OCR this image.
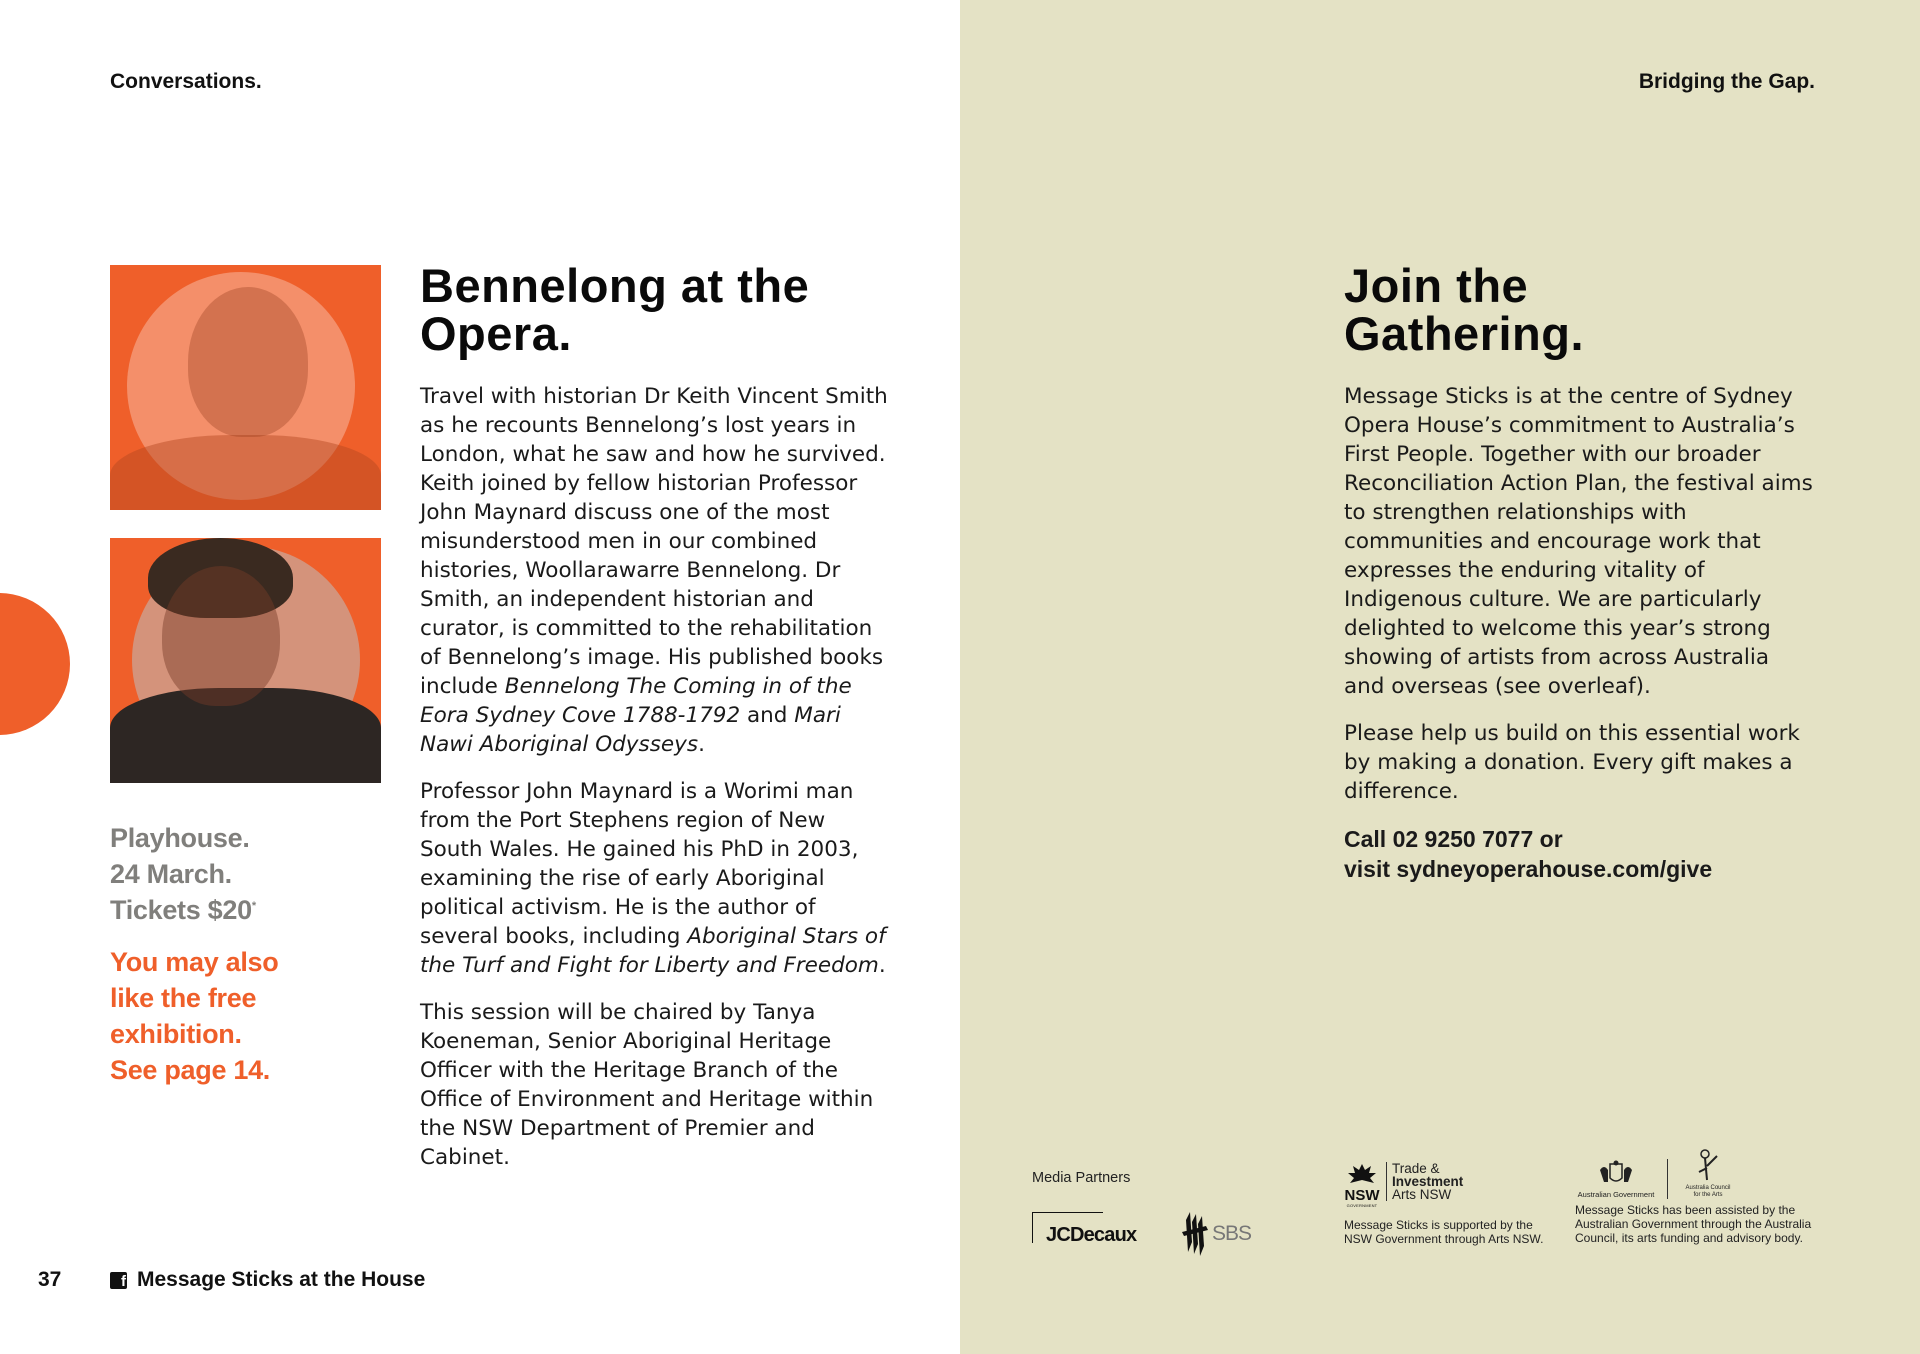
Conversations.
Playhouse.
24 March.
Tickets $20*
You may also
like the free
exhibition.
See page 14.
Bennelong at the
Opera.

Travel with historian Dr Keith Vincent Smith as he recounts Bennelong’s lost years in London, what he saw and how he survived. Keith joined by fellow historian Professor John Maynard discuss one of the most misunderstood men in our combined histories, Woollarawarre Bennelong. Dr Smith, an independent historian and curator, is committed to the rehabilitation of Bennelong’s image. His published books include Bennelong The Coming in of the Eora Sydney Cove 1788-1792 and Mari Nawi Aboriginal Odysseys.

Professor John Maynard is a Worimi man from the Port Stephens region of New South Wales. He gained his PhD in 2003, examining the rise of early Aboriginal political activism. He is the author of several books, including Aboriginal Stars of the Turf and Fight for Liberty and Freedom.

This session will be chaired by Tanya Koeneman, Senior Aboriginal Heritage Officer with the Heritage Branch of the Office of Environment and Heritage within the NSW Department of Premier and Cabinet.

37	f Message Sticks at the House
Bridging the Gap.
Join the
Gathering.

Message Sticks is at the centre of Sydney Opera House’s commitment to Australia’s First People. Together with our broader Reconciliation Action Plan, the festival aims to strengthen relationships with communities and encourage work that expresses the enduring vitality of Indigenous culture. We are particularly delighted to welcome this year’s strong showing of artists from across Australia and overseas (see overleaf).

Please help us build on this essential work by making a donation. Every gift makes a difference.

Call 02 9250 7077 or
visit sydneyoperahouse.com/give
Media Partners
JCDecaux	SBS
NSW
GOVERNMENT
Trade &
Investment
Arts NSW
Message Sticks is supported by the NSW Government through Arts NSW.
Australian Government
Australia Council
for the Arts
Message Sticks has been assisted by the Australian Government through the Australia Council, its arts funding and advisory body.
